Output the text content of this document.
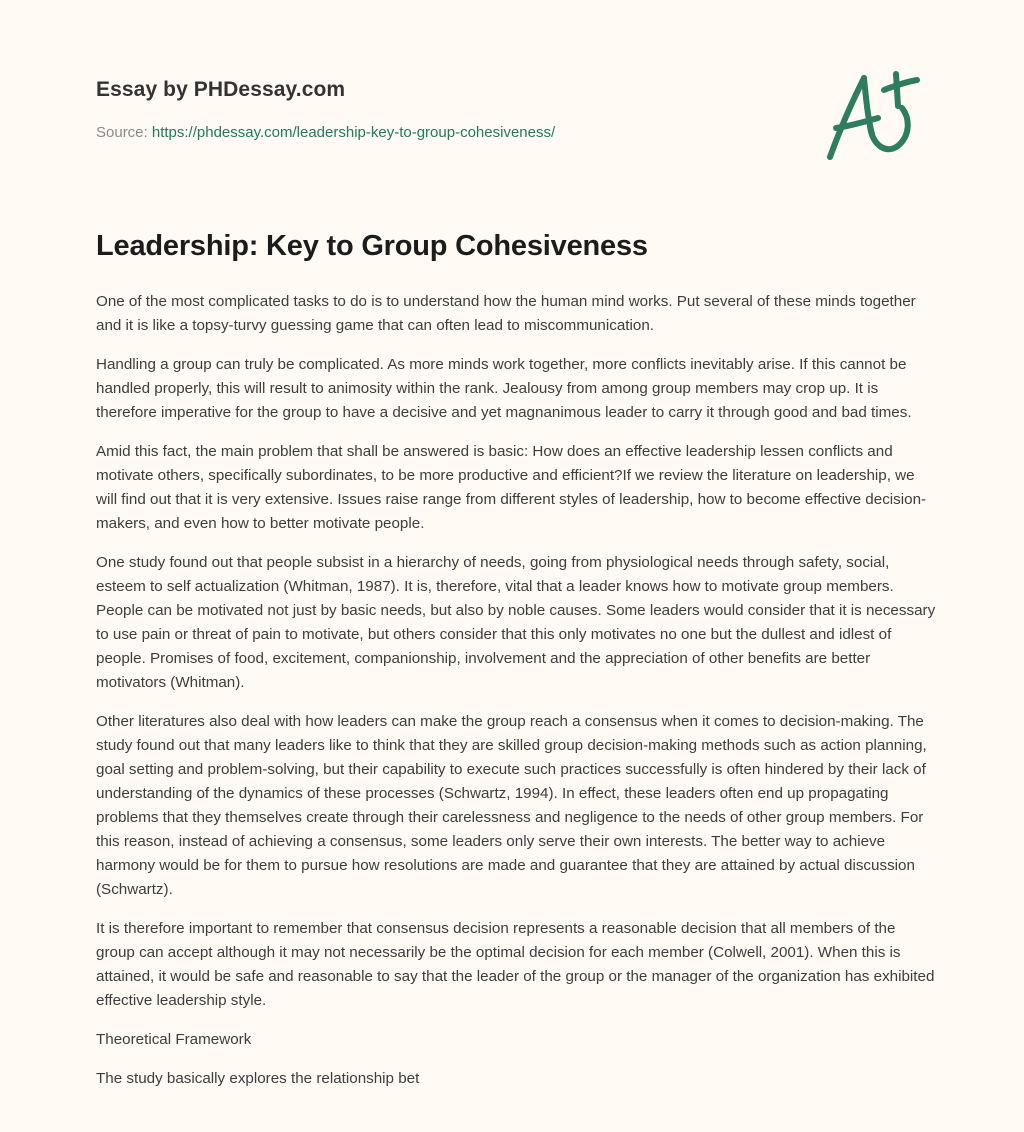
Essay by PHDessay.com
Source: https://phdessay.com/leadership-key-to-group-cohesiveness/
Leadership: Key to Group Cohesiveness

One of the most complicated tasks to do is to understand how the human mind works. Put several of these minds together and it is like a topsy-turvy guessing game that can often lead to miscommunication.

Handling a group can truly be complicated. As more minds work together, more conflicts inevitably arise. If this cannot be handled properly, this will result to animosity within the rank. Jealousy from among group members may crop up. It is therefore imperative for the group to have a decisive and yet magnanimous leader to carry it through good and bad times.

Amid this fact, the main problem that shall be answered is basic: How does an effective leadership lessen conflicts and motivate others, specifically subordinates, to be more productive and efficient?If we review the literature on leadership, we will find out that it is very extensive. Issues raise range from different styles of leadership, how to become effective decision-makers, and even how to better motivate people.

One study found out that people subsist in a hierarchy of needs, going from physiological needs through safety, social, esteem to self actualization (Whitman, 1987). It is, therefore, vital that a leader knows how to motivate group members. People can be motivated not just by basic needs, but also by noble causes. Some leaders would consider that it is necessary to use pain or threat of pain to motivate, but others consider that this only motivates no one but the dullest and idlest of people. Promises of food, excitement, companionship, involvement and the appreciation of other benefits are better motivators (Whitman).

Other literatures also deal with how leaders can make the group reach a consensus when it comes to decision-making. The study found out that many leaders like to think that they are skilled group decision-making methods such as action planning, goal setting and problem-solving, but their capability to execute such practices successfully is often hindered by their lack of understanding of the dynamics of these processes (Schwartz, 1994). In effect, these leaders often end up propagating problems that they themselves create through their carelessness and negligence to the needs of other group members. For this reason, instead of achieving a consensus, some leaders only serve their own interests. The better way to achieve harmony would be for them to pursue how resolutions are made and guarantee that they are attained by actual discussion (Schwartz).

It is therefore important to remember that consensus decision represents a reasonable decision that all members of the group can accept although it may not necessarily be the optimal decision for each member (Colwell, 2001). When this is attained, it would be safe and reasonable to say that the leader of the group or the manager of the organization has exhibited effective leadership style.

Theoretical Framework

The study basically explores the relationship bet
